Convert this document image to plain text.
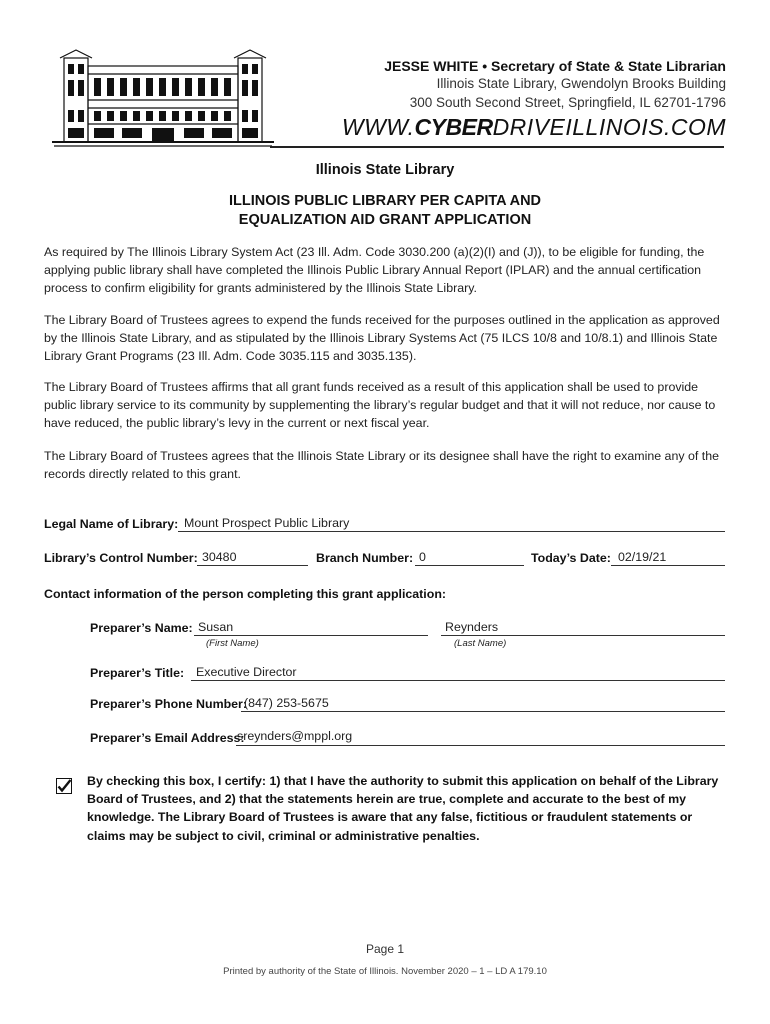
JESSE WHITE • Secretary of State & State Librarian
Illinois State Library, Gwendolyn Brooks Building
300 South Second Street, Springfield, IL 62701-1796
WWW.CYBERDRIVEILLINOIS.COM
Illinois State Library
ILLINOIS PUBLIC LIBRARY PER CAPITA AND
EQUALIZATION AID GRANT APPLICATION
As required by The Illinois Library System Act (23 Ill. Adm. Code 3030.200 (a)(2)(I) and (J)), to be eligible for funding, the applying public library shall have completed the Illinois Public Library Annual Report (IPLAR) and the annual certification process to confirm eligibility for grants administered by the Illinois State Library.
The Library Board of Trustees agrees to expend the funds received for the purposes outlined in the application as approved by the Illinois State Library, and as stipulated by the Illinois Library Systems Act (75 ILCS 10/8 and 10/8.1) and Illinois State Library Grant Programs (23 Ill. Adm. Code 3035.115 and 3035.135).
The Library Board of Trustees affirms that all grant funds received as a result of this application shall be used to provide public library service to its community by supplementing the library’s regular budget and that it will not reduce, nor cause to have reduced, the public library’s levy in the current or next fiscal year.
The Library Board of Trustees agrees that the Illinois State Library or its designee shall have the right to examine any of the records directly related to this grant.
Legal Name of Library: Mount Prospect Public Library
Library’s Control Number: 30480	Branch Number: 0	Today’s Date: 02/19/21
Contact information of the person completing this grant application:
Preparer’s Name: Susan
(First Name)
Reynders
(Last Name)
Preparer’s Title: Executive Director
Preparer’s Phone Number:
(847) 253-5675
Preparer’s Email Address:
sreynders@mppl.org
By checking this box, I certify: 1) that I have the authority to submit this application on behalf of the Library Board of Trustees, and 2) that the statements herein are true, complete and accurate to the best of my knowledge. The Library Board of Trustees is aware that any false, fictitious or fraudulent statements or claims may be subject to civil, criminal or administrative penalties.
Page 1
Printed by authority of the State of Illinois. November 2020 – 1 – LD A 179.10
